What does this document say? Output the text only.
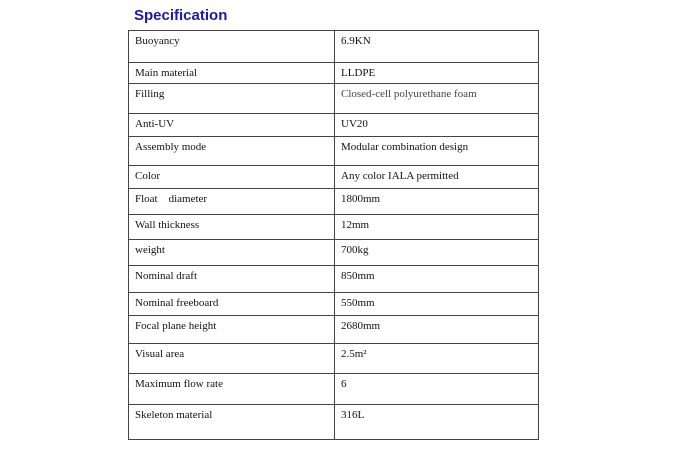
Specification
Buoyancy	6.9KN
Main material	LLDPE
Filling	Closed-cell polyurethane foam
Anti-UV	UV20
Assembly mode	Modular combination design
Color	Any color IALA permitted
Float    diameter	1800mm
Wall thickness	12mm
weight	700kg
Nominal draft	850mm
Nominal freeboard	550mm
Focal plane height	2680mm
Visual area	2.5m²
Maximum flow rate	6
Skeleton material	316L
